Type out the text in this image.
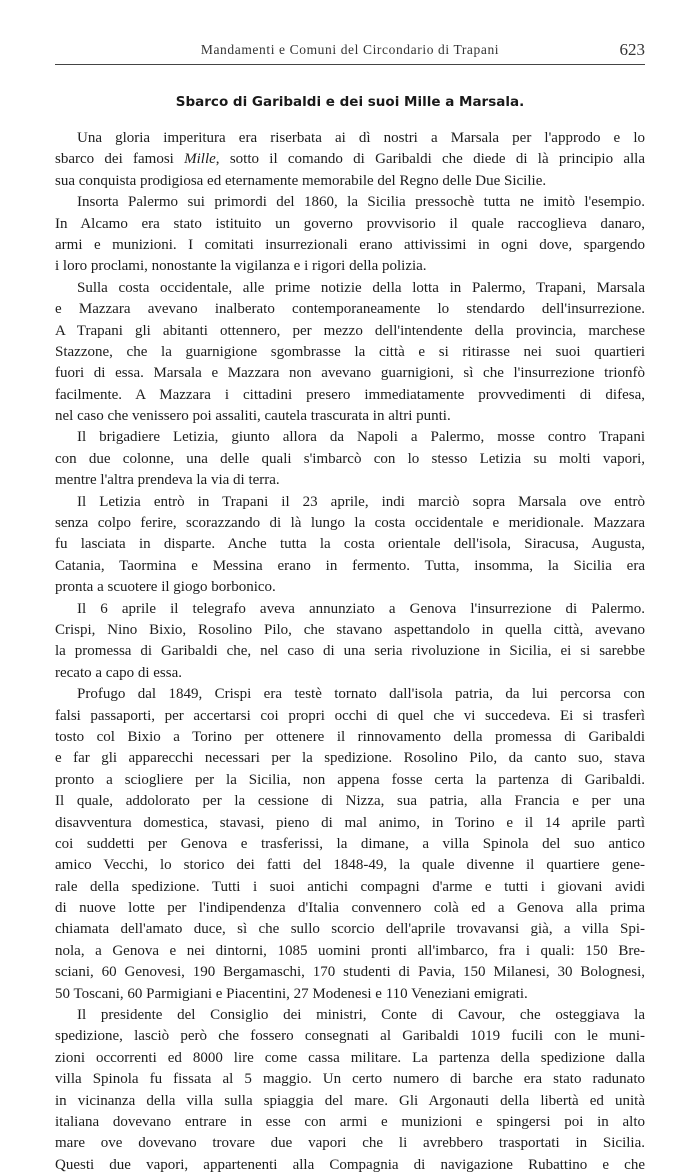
Mandamenti e Comuni del Circondario di Trapani	623
Sbarco di Garibaldi e dei suoi Mille a Marsala.
Una gloria imperitura era riserbata ai dì nostri a Marsala per l'approdo e lo
sbarco dei famosi Mille, sotto il comando di Garibaldi che diede di là principio alla
sua conquista prodigiosa ed eternamente memorabile del Regno delle Due Sicilie.
Insorta Palermo sui primordi del 1860, la Sicilia pressochè tutta ne imitò l'esempio.
In Alcamo era stato istituito un governo provvisorio il quale raccoglieva danaro,
armi e munizioni. I comitati insurrezionali erano attivissimi in ogni dove, spargendo
i loro proclami, nonostante la vigilanza e i rigori della polizia.
Sulla costa occidentale, alle prime notizie della lotta in Palermo, Trapani, Marsala
e Mazzara avevano inalberato contemporaneamente lo stendardo dell'insurrezione.
A Trapani gli abitanti ottennero, per mezzo dell'intendente della provincia, marchese
Stazzone, che la guarnigione sgombrasse la città e si ritirasse nei suoi quartieri
fuori di essa. Marsala e Mazzara non avevano guarnigioni, sì che l'insurrezione trionfò
facilmente. A Mazzara i cittadini presero immediatamente provvedimenti di difesa,
nel caso che venissero poi assaliti, cautela trascurata in altri punti.
Il brigadiere Letizia, giunto allora da Napoli a Palermo, mosse contro Trapani
con due colonne, una delle quali s'imbarcò con lo stesso Letizia su molti vapori,
mentre l'altra prendeva la via di terra.
Il Letizia entrò in Trapani il 23 aprile, indi marciò sopra Marsala ove entrò
senza colpo ferire, scorazzando di là lungo la costa occidentale e meridionale. Mazzara
fu lasciata in disparte. Anche tutta la costa orientale dell'isola, Siracusa, Augusta,
Catania, Taormina e Messina erano in fermento. Tutta, insomma, la Sicilia era
pronta a scuotere il giogo borbonico.
Il 6 aprile il telegrafo aveva annunziato a Genova l'insurrezione di Palermo.
Crispi, Nino Bixio, Rosolino Pilo, che stavano aspettandolo in quella città, avevano
la promessa di Garibaldi che, nel caso di una seria rivoluzione in Sicilia, ei si sarebbe
recato a capo di essa.
Profugo dal 1849, Crispi era testè tornato dall'isola patria, da lui percorsa con
falsi passaporti, per accertarsi coi propri occhi di quel che vi succedeva. Ei si trasferì
tosto col Bixio a Torino per ottenere il rinnovamento della promessa di Garibaldi
e far gli apparecchi necessari per la spedizione. Rosolino Pilo, da canto suo, stava
pronto a sciogliere per la Sicilia, non appena fosse certa la partenza di Garibaldi.
Il quale, addolorato per la cessione di Nizza, sua patria, alla Francia e per una
disavventura domestica, stavasi, pieno di mal animo, in Torino e il 14 aprile partì
coi suddetti per Genova e trasferissi, la dimane, a villa Spinola del suo antico
amico Vecchi, lo storico dei fatti del 1848-49, la quale divenne il quartiere gene-
rale della spedizione. Tutti i suoi antichi compagni d'arme e tutti i giovani avidi
di nuove lotte per l'indipendenza d'Italia convennero colà ed a Genova alla prima
chiamata dell'amato duce, sì che sullo scorcio dell'aprile trovavansi già, a villa Spi-
nola, a Genova e nei dintorni, 1085 uomini pronti all'imbarco, fra i quali: 150 Bre-
sciani, 60 Genovesi, 190 Bergamaschi, 170 studenti di Pavia, 150 Milanesi, 30 Bolognesi,
50 Toscani, 60 Parmigiani e Piacentini, 27 Modenesi e 110 Veneziani emigrati.
Il presidente del Consiglio dei ministri, Conte di Cavour, che osteggiava la
spedizione, lasciò però che fossero consegnati al Garibaldi 1019 fucili con le muni-
zioni occorrenti ed 8000 lire come cassa militare. La partenza della spedizione dalla
villa Spinola fu fissata al 5 maggio. Un certo numero di barche era stato radunato
in vicinanza della villa sulla spiaggia del mare. Gli Argonauti della libertà ed unità
italiana dovevano entrare in esse con armi e munizioni e spingersi poi in alto
mare ove dovevano trovare due vapori che li avrebbero trasportati in Sicilia.
Questi due vapori, appartenenti alla Compagnia di navigazione Rubattino e che
